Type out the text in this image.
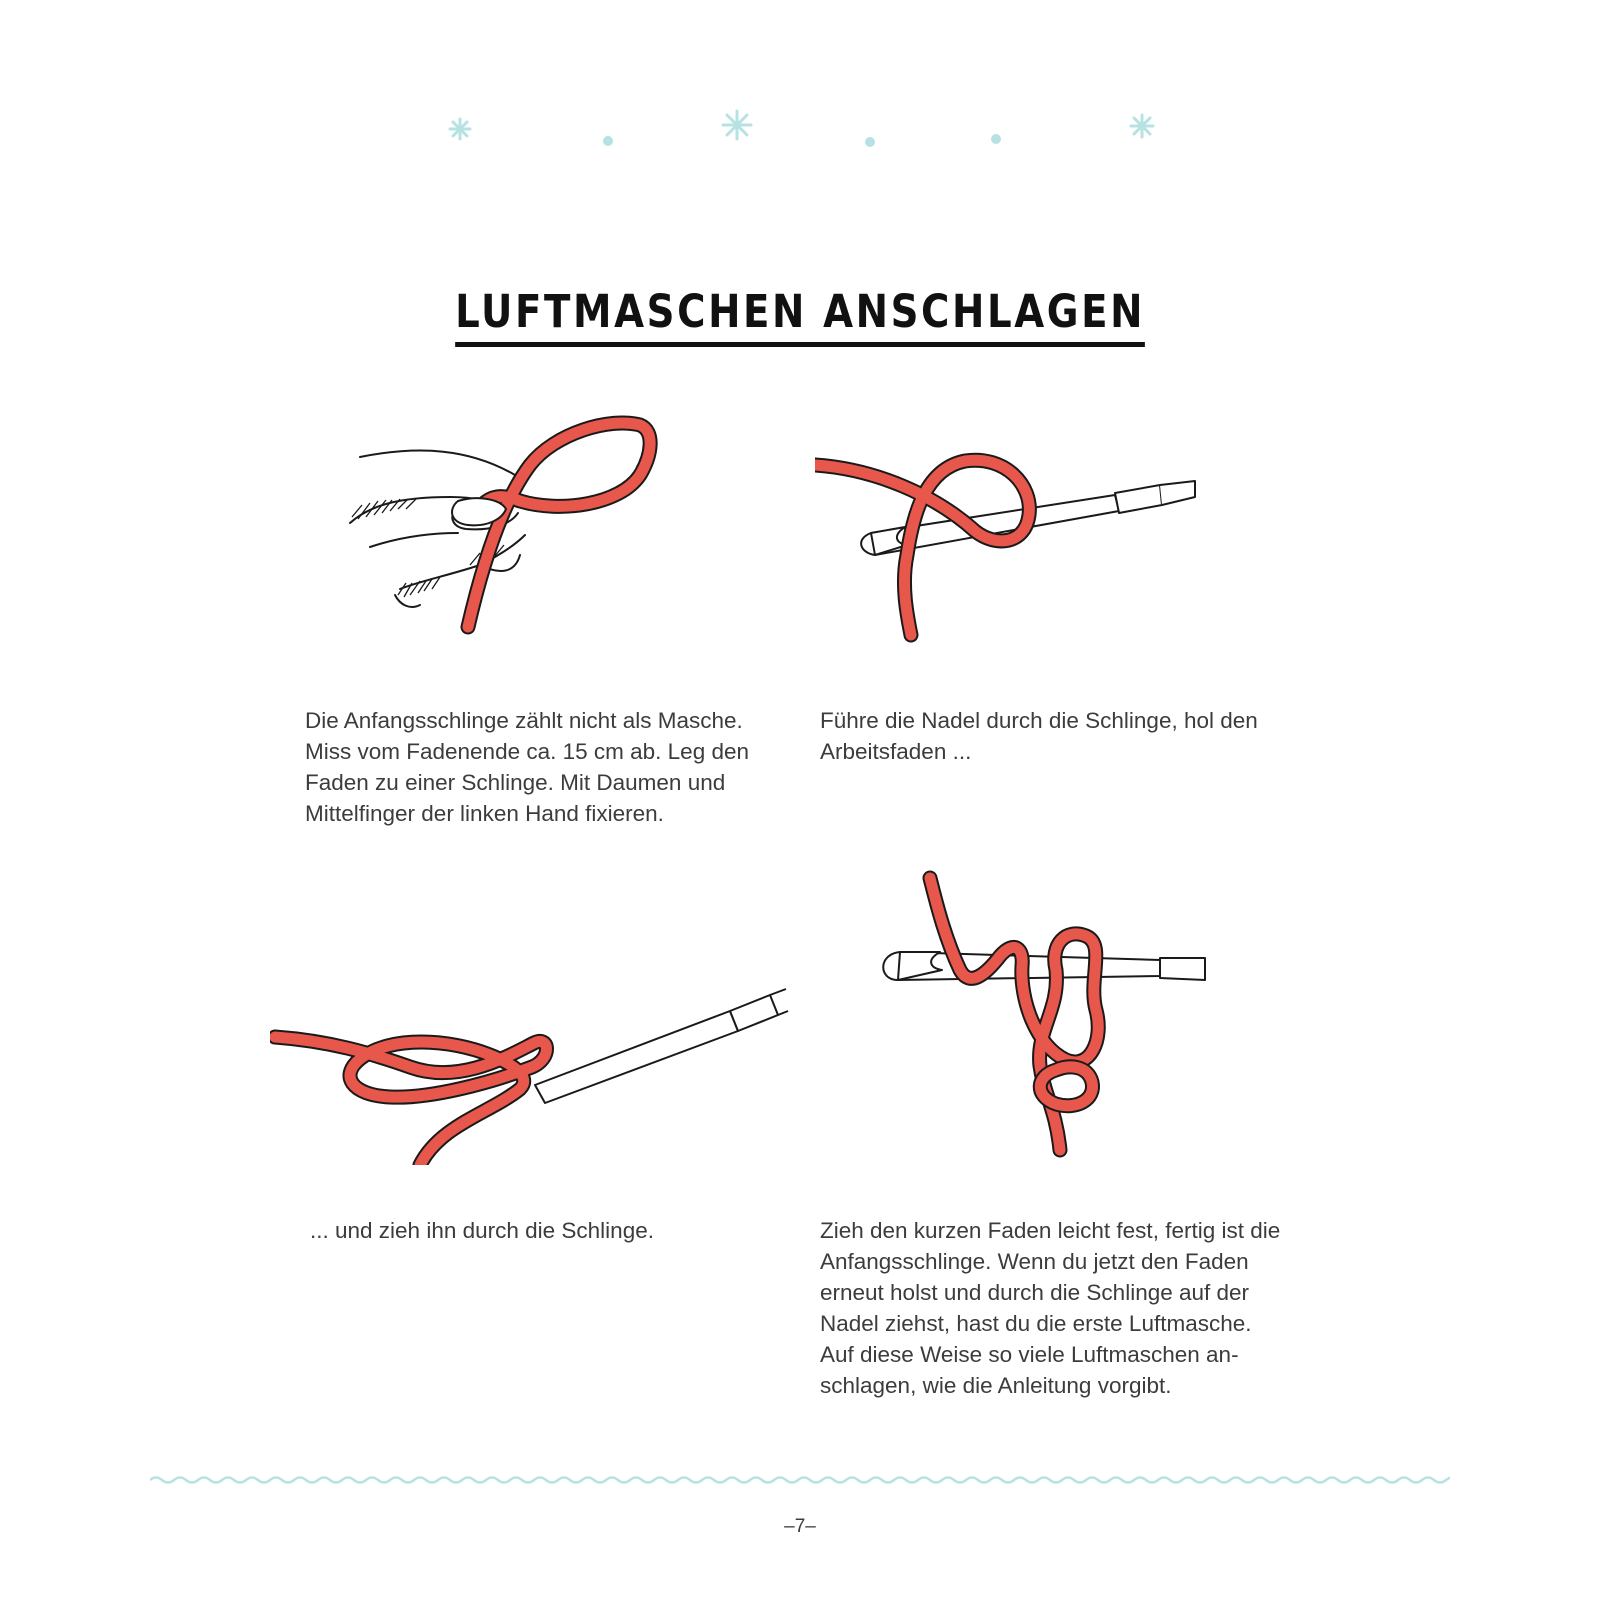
LUFTMASCHEN ANSCHLAGEN

Die Anfangsschlinge zählt nicht als Masche. Miss vom Fadenende ca. 15 cm ab. Leg den Faden zu einer Schlinge. Mit Daumen und Mittelfinger der linken Hand fixieren.

Führe die Nadel durch die Schlinge, hol den Arbeitsfaden ...

... und zieh ihn durch die Schlinge.	Zieh den kurzen Faden leicht fest, fertig ist die Anfangsschlinge. Wenn du jetzt den Faden erneut holst und durch die Schlinge auf der Nadel ziehst, hast du die erste Luftmasche. Auf diese Weise so viele Luftmaschen anschlagen, wie die Anleitung vorgibt.

–7–
